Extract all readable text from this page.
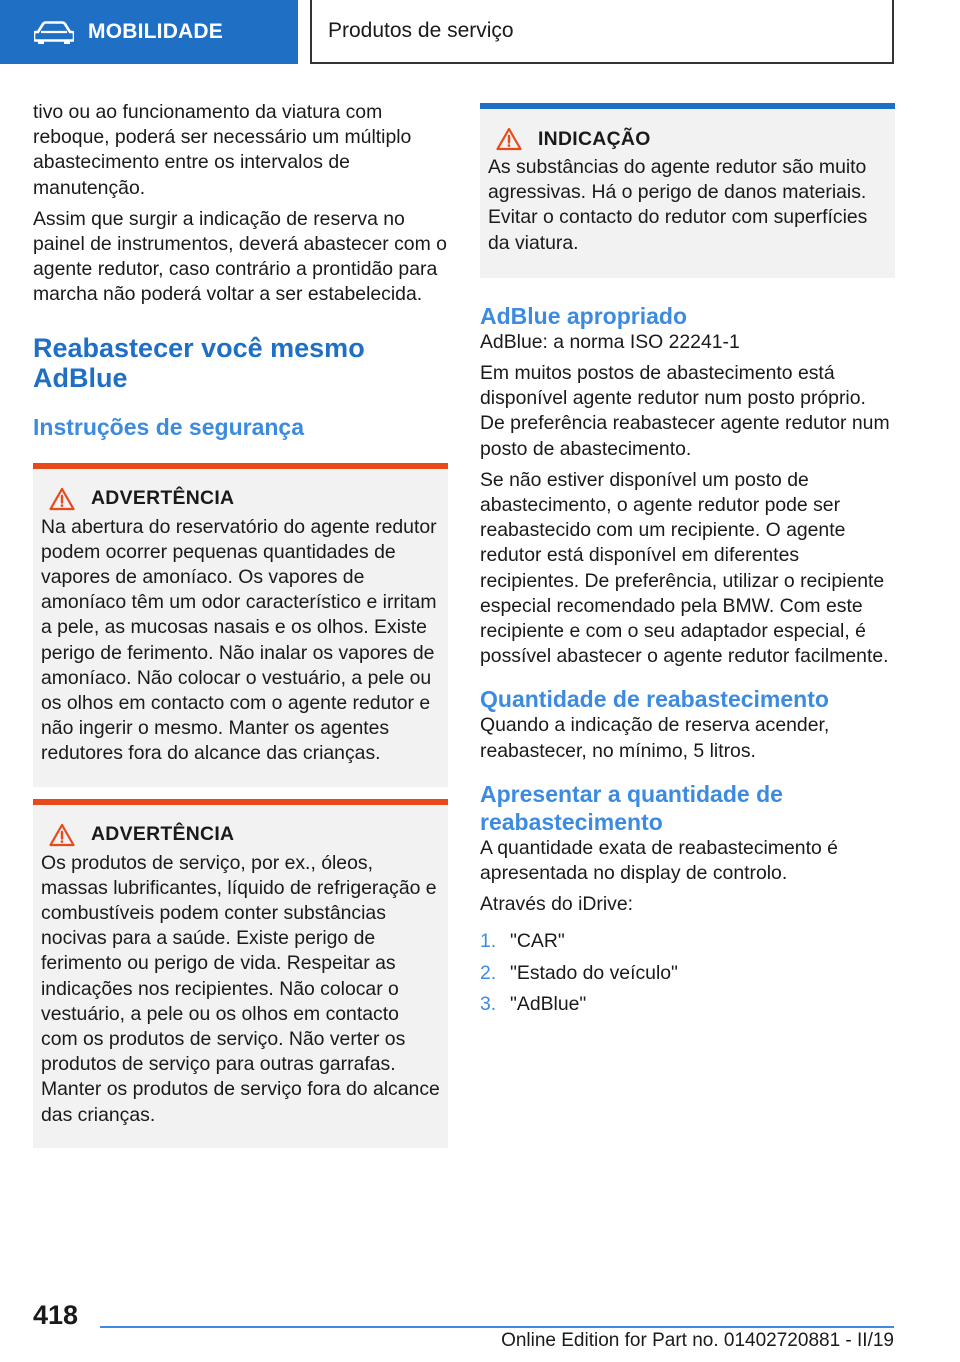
MOBILIDADE	Produtos de serviço

tivo ou ao funcionamento da viatura com reboque, poderá ser necessário um múltiplo abastecimento entre os intervalos de manutenção.

Assim que surgir a indicação de reserva no painel de instrumentos, deverá abastecer com o agente redutor, caso contrário a prontidão para marcha não poderá voltar a ser estabelecida.

Reabastecer você mesmo
AdBlue
Instruções de segurança
ADVERTÊNCIA

Na abertura do reservatório do agente redutor podem ocorrer pequenas quantidades de vapores de amoníaco. Os vapores de amoníaco têm um odor característico e irritam a pele, as mucosas nasais e os olhos. Existe perigo de ferimento. Não inalar os vapores de amoníaco. Não colocar o vestuário, a pele ou os olhos em contacto com o agente redutor e não ingerir o mesmo. Manter os agentes redutores fora do alcance das crianças.

ADVERTÊNCIA

Os produtos de serviço, por ex., óleos, massas lubrificantes, líquido de refrigeração e combustíveis podem conter substâncias nocivas para a saúde. Existe perigo de ferimento ou perigo de vida. Respeitar as indicações nos recipientes. Não colocar o vestuário, a pele ou os olhos em contacto com os produtos de serviço. Não verter os produtos de serviço para outras garrafas. Manter os produtos de serviço fora do alcance das crianças.

INDICAÇÃO

As substâncias do agente redutor são muito agressivas. Há o perigo de danos materiais. Evitar o contacto do redutor com superfícies da viatura.

AdBlue apropriado

AdBlue: a norma ISO 22241-1

Em muitos postos de abastecimento está disponível agente redutor num posto próprio. De preferência reabastecer agente redutor num posto de abastecimento.

Se não estiver disponível um posto de abastecimento, o agente redutor pode ser reabastecido com um recipiente. O agente redutor está disponível em diferentes recipientes. De preferência, utilizar o recipiente especial recomendado pela BMW. Com este recipiente e com o seu adaptador especial, é possível abastecer o agente redutor facilmente.

Quantidade de reabastecimento

Quando a indicação de reserva acender, reabastecer, no mínimo, 5 litros.

Apresentar a quantidade de
reabastecimento

A quantidade exata de reabastecimento é apresentada no display de controlo.

Através do iDrive:

1. "CAR"
2. "Estado do veículo"
3. "AdBlue"
418
Online Edition for Part no. 01402720881 - II/19
